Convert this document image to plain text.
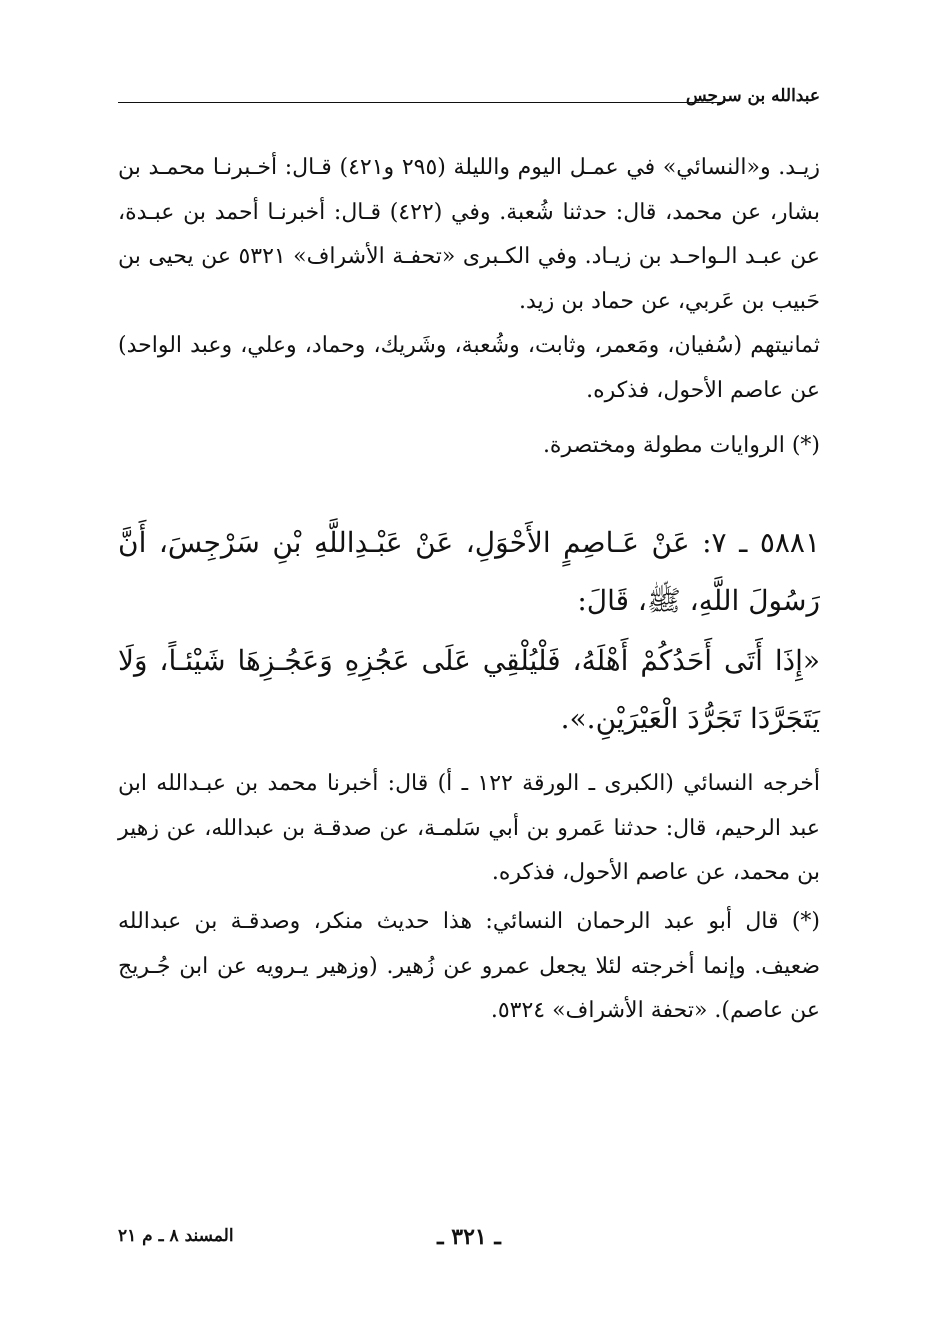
عبدالله بن سرجس

زيـد. و«النسائي» في عمـل اليوم والليلة (٢٩٥ و٤٢١) قـال: أخـبرنـا محمـد بن بشار، عن محمد، قال: حدثنا شُعبة. وفي (٤٢٢) قـال: أخبرنـا أحمد بن عبـدة، عن عبـد الـواحـد بن زيـاد. وفي الكـبرى «تحفـة الأشراف» ٥٣٢١ عن يحيى بن حَبيب بن عَربي، عن حماد بن زيد.

ثمانيتهم (سُفيان، ومَعمر، وثابت، وشُعبة، وشَريك، وحماد، وعلي، وعبد الواحد) عن عاصم الأحول، فذكره.

(*) الروايات مطولة ومختصرة.

٥٨٨١ ـ ٧: عَنْ عَـاصِمٍ الأَحْوَلِ، عَنْ عَبْـدِاللَّهِ بْنِ سَرْجِسَ، أَنَّ رَسُولَ اللَّهِ، ﷺ، قَالَ:

«إِذَا أَتَى أَحَدُكُمْ أَهْلَهُ، فَلْيُلْقِي عَلَى عَجُزِهِ وَعَجُـزِهَا شَيْئـاً، وَلَا يَتَجَرَّدَا تَجَرُّدَ الْعَيْرَيْنِ.».

أخرجه النسائي (الكبرى ـ الورقة ١٢٢ ـ أ) قال: أخبرنا محمد بن عبـدالله ابن عبد الرحيم، قال: حدثنا عَمرو بن أبي سَلمـة، عن صدقـة بن عبدالله، عن زهير بن محمد، عن عاصم الأحول، فذكره.

(*) قال أبو عبد الرحمان النسائي: هذا حديث منكر، وصدقـة بن عبدالله ضعيف. وإنما أخرجته لئلا يجعل عمرو عن زُهير. (وزهير يـرويه عن ابن جُـريج عن عاصم). «تحفة الأشراف» ٥٣٢٤.

ـ ٣٢١ ـ
المسند ٨ ـ م ٢١
